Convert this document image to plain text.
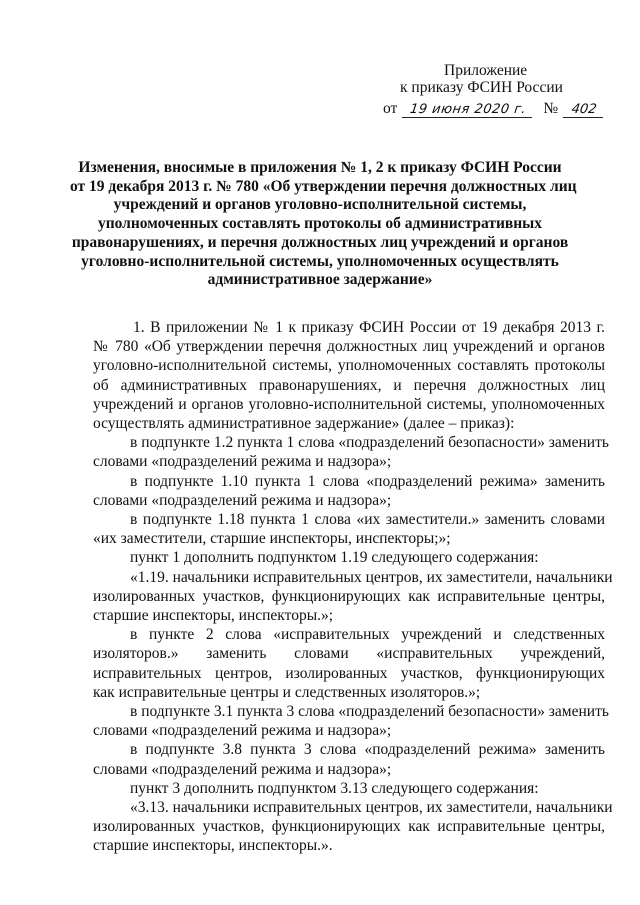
Приложение
к приказу ФСИН России
от 19 июня 2020 г. № 402
Изменения, вносимые в приложения № 1, 2 к приказу ФСИН России
от 19 декабря 2013 г. № 780 «Об утверждении перечня должностных лиц
учреждений и органов уголовно-исполнительной системы,
уполномоченных составлять протоколы об административных
правонарушениях, и перечня должностных лиц учреждений и органов
уголовно-исполнительной системы, уполномоченных осуществлять
административное задержание»
1. В приложении № 1 к приказу ФСИН России от 19 декабря 2013 г.
№ 780 «Об утверждении перечня должностных лиц учреждений и органов
уголовно-исполнительной системы, уполномоченных составлять протоколы
об административных правонарушениях, и перечня должностных лиц
учреждений и органов уголовно-исполнительной системы, уполномоченных
осуществлять административное задержание» (далее – приказ):
в подпункте 1.2 пункта 1 слова «подразделений безопасности» заменить
словами «подразделений режима и надзора»;
в подпункте 1.10 пункта 1 слова «подразделений режима» заменить
словами «подразделений режима и надзора»;
в подпункте 1.18 пункта 1 слова «их заместители.» заменить словами
«их заместители, старшие инспекторы, инспекторы;»;
пункт 1 дополнить подпунктом 1.19 следующего содержания:
«1.19. начальники исправительных центров, их заместители, начальники
изолированных участков, функционирующих как исправительные центры,
старшие инспекторы, инспекторы.»;
в пункте 2 слова «исправительных учреждений и следственных
изоляторов.» заменить словами «исправительных учреждений,
исправительных центров, изолированных участков, функционирующих
как исправительные центры и следственных изоляторов.»;
в подпункте 3.1 пункта 3 слова «подразделений безопасности» заменить
словами «подразделений режима и надзора»;
в подпункте 3.8 пункта 3 слова «подразделений режима» заменить
словами «подразделений режима и надзора»;
пункт 3 дополнить подпунктом 3.13 следующего содержания:
«3.13. начальники исправительных центров, их заместители, начальники
изолированных участков, функционирующих как исправительные центры,
старшие инспекторы, инспекторы.».
